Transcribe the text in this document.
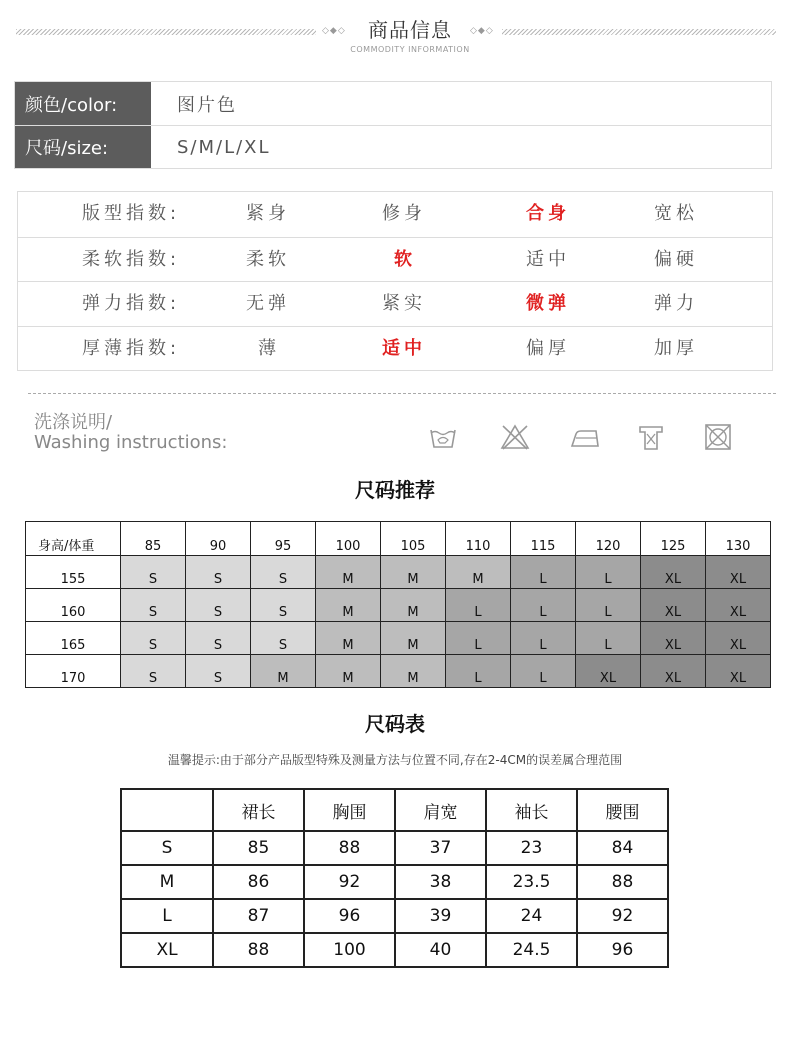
◇◆◇	商品信息	◇◆◇
COMMODITY INFORMATION
颜色/color:	图片色
尺码/size:	S/M/L/XL
版型指数:	紧身	修身	合身	宽松
柔软指数:	柔软	软	适中	偏硬
弹力指数:	无弹	紧实	微弹	弹力
厚薄指数:	薄	适中	偏厚	加厚
洗涤说明/
Washing instructions:
尺码推荐
身高/体重	85	90	95	100	105	110	115	120	125	130
155	S	S	S	M	M	M	L	L	XL	XL
160	S	S	S	M	M	L	L	L	XL	XL
165	S	S	S	M	M	L	L	L	XL	XL
170	S	S	M	M	M	L	L	XL	XL	XL
尺码表
温馨提示:由于部分产品版型特殊及测量方法与位置不同,存在2-4CM的误差属合理范围
	裙长	胸围	肩宽	袖长	腰围
S	85	88	37	23	84
M	86	92	38	23.5	88
L	87	96	39	24	92
XL	88	100	40	24.5	96
